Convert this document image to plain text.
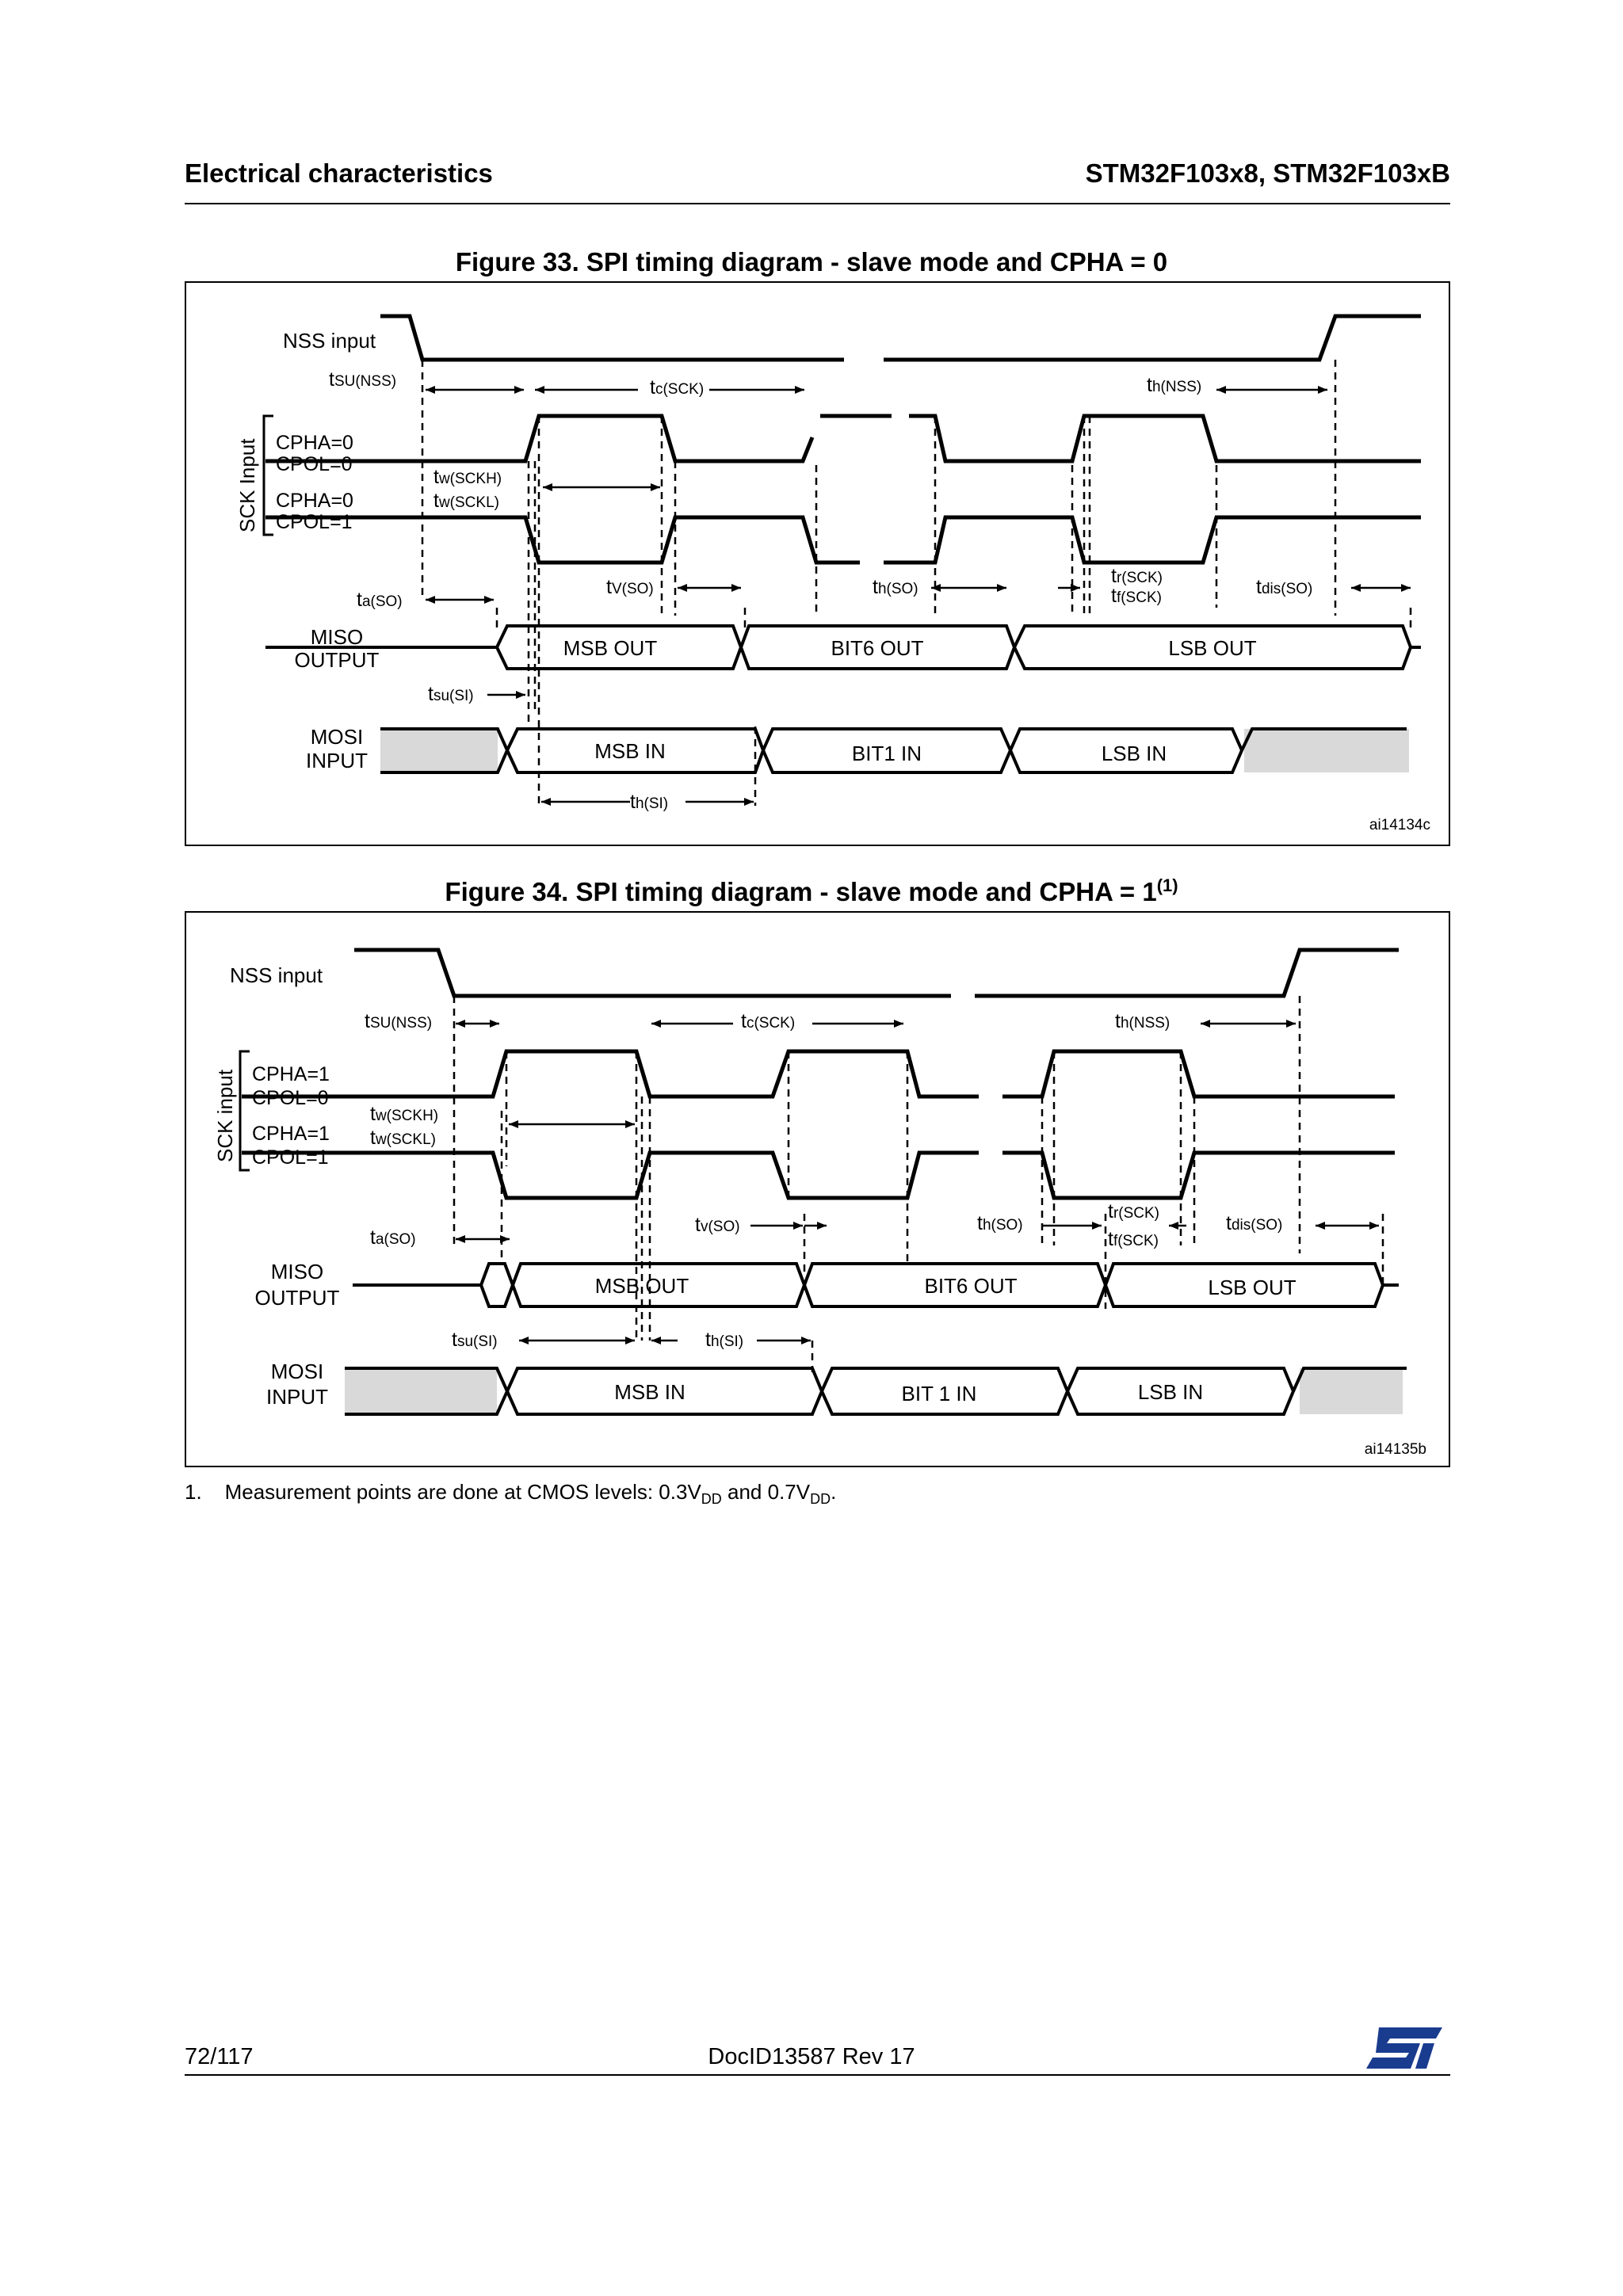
Electrical characteristics	STM32F103x8, STM32F103xB
Figure 33. SPI timing diagram - slave mode and CPHA = 0
NSS input
SCK Input CPHA=0
CPOL=0
CPHA=0
CPOL=1
MISO
OUTPUT
MOSI
INPUT
MSB OUT	BIT6 OUT	LSB OUT
MSB IN	BIT1 IN	LSB IN
tSU(NSS)	tc(SCK)	th(NSS)
tw(SCKH)
tw(SCKL)
ta(SO)
tV(SO)	th(SO)
tr(SCK)
tf(SCK)	tdis(SO)
tsu(SI)
th(SI)
ai14134c
Figure 34. SPI timing diagram - slave mode and CPHA = $1^{(1)}$
NSS input
SCK input CPHA=1
CPOL=0
CPHA=1
CPOL=1
MISO
OUTPUT
MOSI
INPUT
MSB OUT	BIT6 OUT	LSB OUT
MSB IN	BIT 1 IN	LSB IN
tSU(NSS)	tc(SCK)	th(NSS)
tw(SCKH)
tw(SCKL)
ta(SO)
tv(SO)	th(SO)
tr(SCK)
tf(SCK)
tdis(SO)
tsu(SI)	th(SI)
ai14135b
1. Measurement points are done at CMOS levels: $0.3V_{DD}$ and $0.7V_{DD}$.
72/117	DocID13587 Rev 17
